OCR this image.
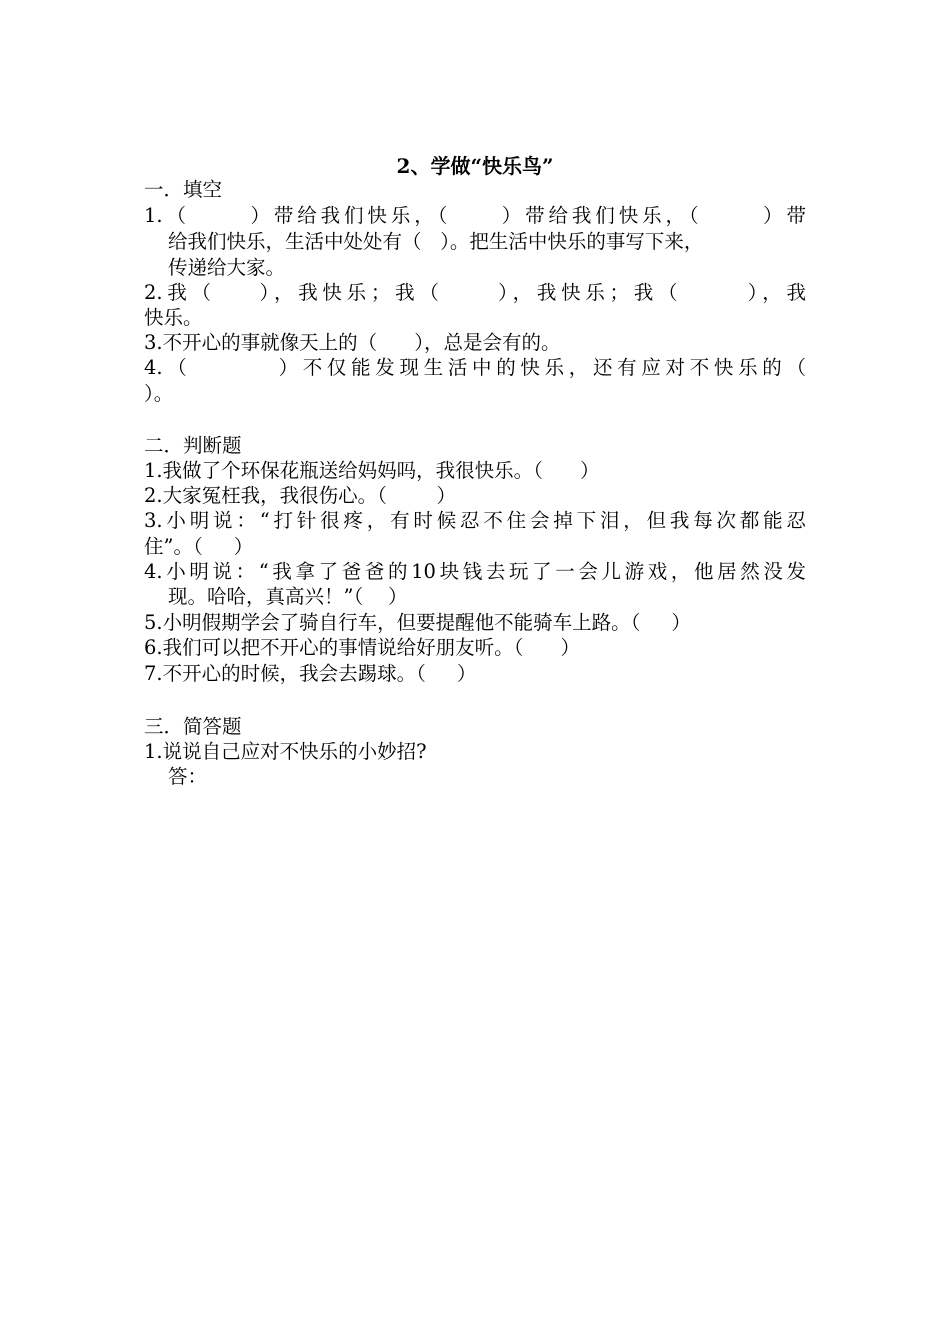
2、学做“快乐鸟”
一．填空
1.（      ）带给我们快乐，（     ）带给我们快乐，（      ）带
给我们快乐，生活中处处有（   ）。把生活中快乐的事写下来，
传递给大家。
2.我（    ），我快乐；我（     ），我快乐；我（      ），我
快乐。
3.不开心的事就像天上的（      ），总是会有的。
4.（        ）不仅能发现生活中的快乐，还有应对不快乐的（
）。
二．判断题
1.我做了个环保花瓶送给妈妈吗，我很快乐。（      ）
2.大家冤枉我，我很伤心。（        ）
3.小明说：“打针很疼，有时候忍不住会掉下泪，但我每次都能忍
住”。（     ）
4.小明说：“我拿了爸爸的10块钱去玩了一会儿游戏，他居然没发
现。哈哈，真高兴！”（    ）
5.小明假期学会了骑自行车，但要提醒他不能骑车上路。（     ）
6.我们可以把不开心的事情说给好朋友听。（      ）
7.不开心的时候，我会去踢球。（     ）
三．简答题
1.说说自己应对不快乐的小妙招?
答：
